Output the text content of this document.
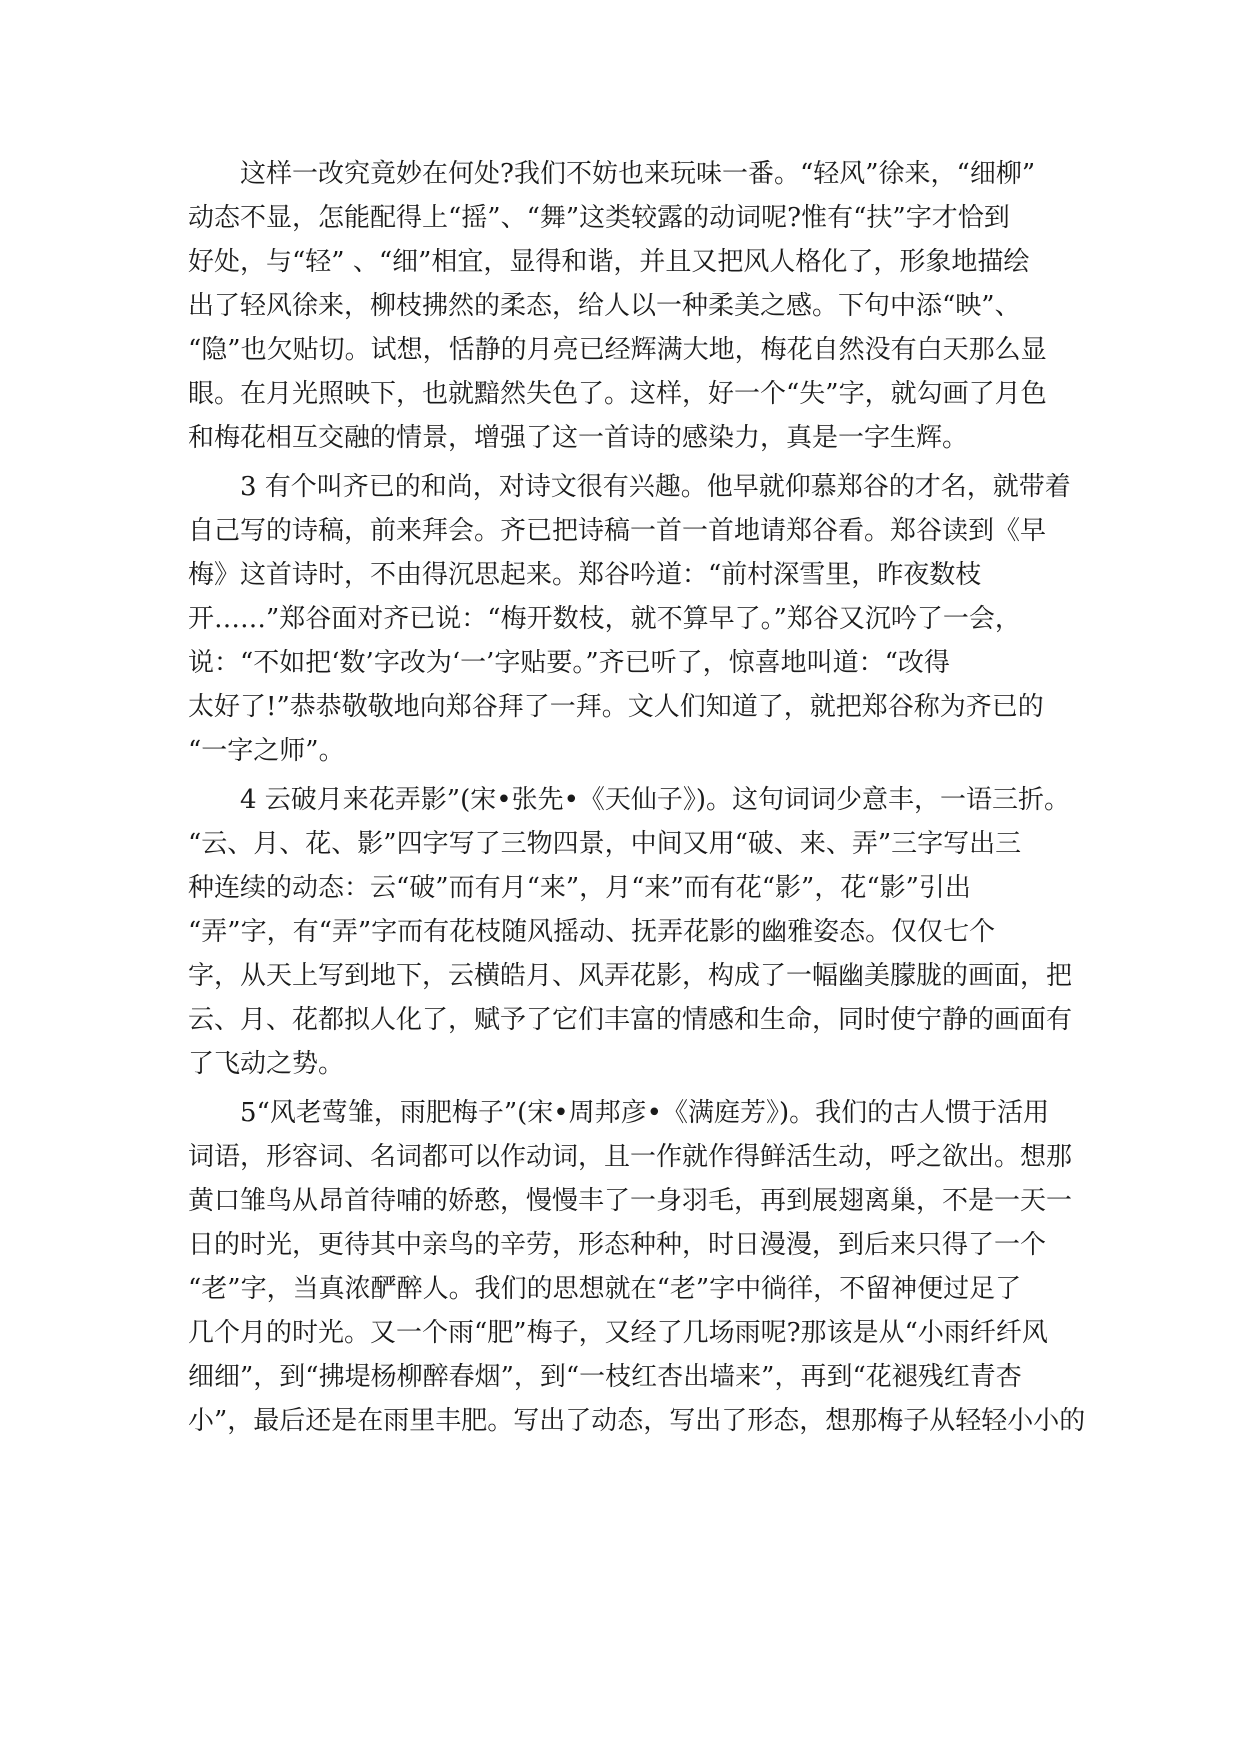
这样一改究竟妙在何处?我们不妨也来玩味一番。“轻风”徐来，“细柳”
动态不显，怎能配得上“摇”、“舞”这类较露的动词呢?惟有“扶”字才恰到
好处，与“轻” 、“细”相宜，显得和谐，并且又把风人格化了，形象地描绘
出了轻风徐来，柳枝拂然的柔态，给人以一种柔美之感。下句中添“映”、
“隐”也欠贴切。试想，恬静的月亮已经辉满大地，梅花自然没有白天那么显
眼。在月光照映下，也就黯然失色了。这样，好一个“失”字，就勾画了月色
和梅花相互交融的情景，增强了这一首诗的感染力，真是一字生辉。
3 有个叫齐已的和尚，对诗文很有兴趣。他早就仰慕郑谷的才名，就带着
自己写的诗稿，前来拜会。齐已把诗稿一首一首地请郑谷看。郑谷读到《早
梅》这首诗时，不由得沉思起来。郑谷吟道：“前村深雪里，昨夜数枝
开……”郑谷面对齐已说：“梅开数枝，就不算早了。”郑谷又沉吟了一会，
说：“不如把‘数’字改为‘一’字贴要。”齐已听了，惊喜地叫道：“改得
太好了!”恭恭敬敬地向郑谷拜了一拜。文人们知道了，就把郑谷称为齐已的
“一字之师”。
4 云破月来花弄影”(宋•张先•《天仙子》)。这句词词少意丰，一语三折。
“云、月、花、影”四字写了三物四景，中间又用“破、来、弄”三字写出三
种连续的动态：云“破”而有月“来”，月“来”而有花“影”，花“影”引出
“弄”字，有“弄”字而有花枝随风摇动、抚弄花影的幽雅姿态。仅仅七个
字，从天上写到地下，云横皓月、风弄花影，构成了一幅幽美朦胧的画面，把
云、月、花都拟人化了，赋予了它们丰富的情感和生命，同时使宁静的画面有
了飞动之势。
5“风老莺雏，雨肥梅子”(宋•周邦彦•《满庭芳》)。我们的古人惯于活用
词语，形容词、名词都可以作动词，且一作就作得鲜活生动，呼之欲出。想那
黄口雏鸟从昂首待哺的娇憨，慢慢丰了一身羽毛，再到展翅离巢，不是一天一
日的时光，更待其中亲鸟的辛劳，形态种种，时日漫漫，到后来只得了一个
“老”字，当真浓酽醉人。我们的思想就在“老”字中徜徉，不留神便过足了
几个月的时光。又一个雨“肥”梅子，又经了几场雨呢?那该是从“小雨纤纤风
细细”，到“拂堤杨柳醉春烟”，到“一枝红杏出墙来”，再到“花褪残红青杏
小”，最后还是在雨里丰肥。写出了动态，写出了形态，想那梅子从轻轻小小的
